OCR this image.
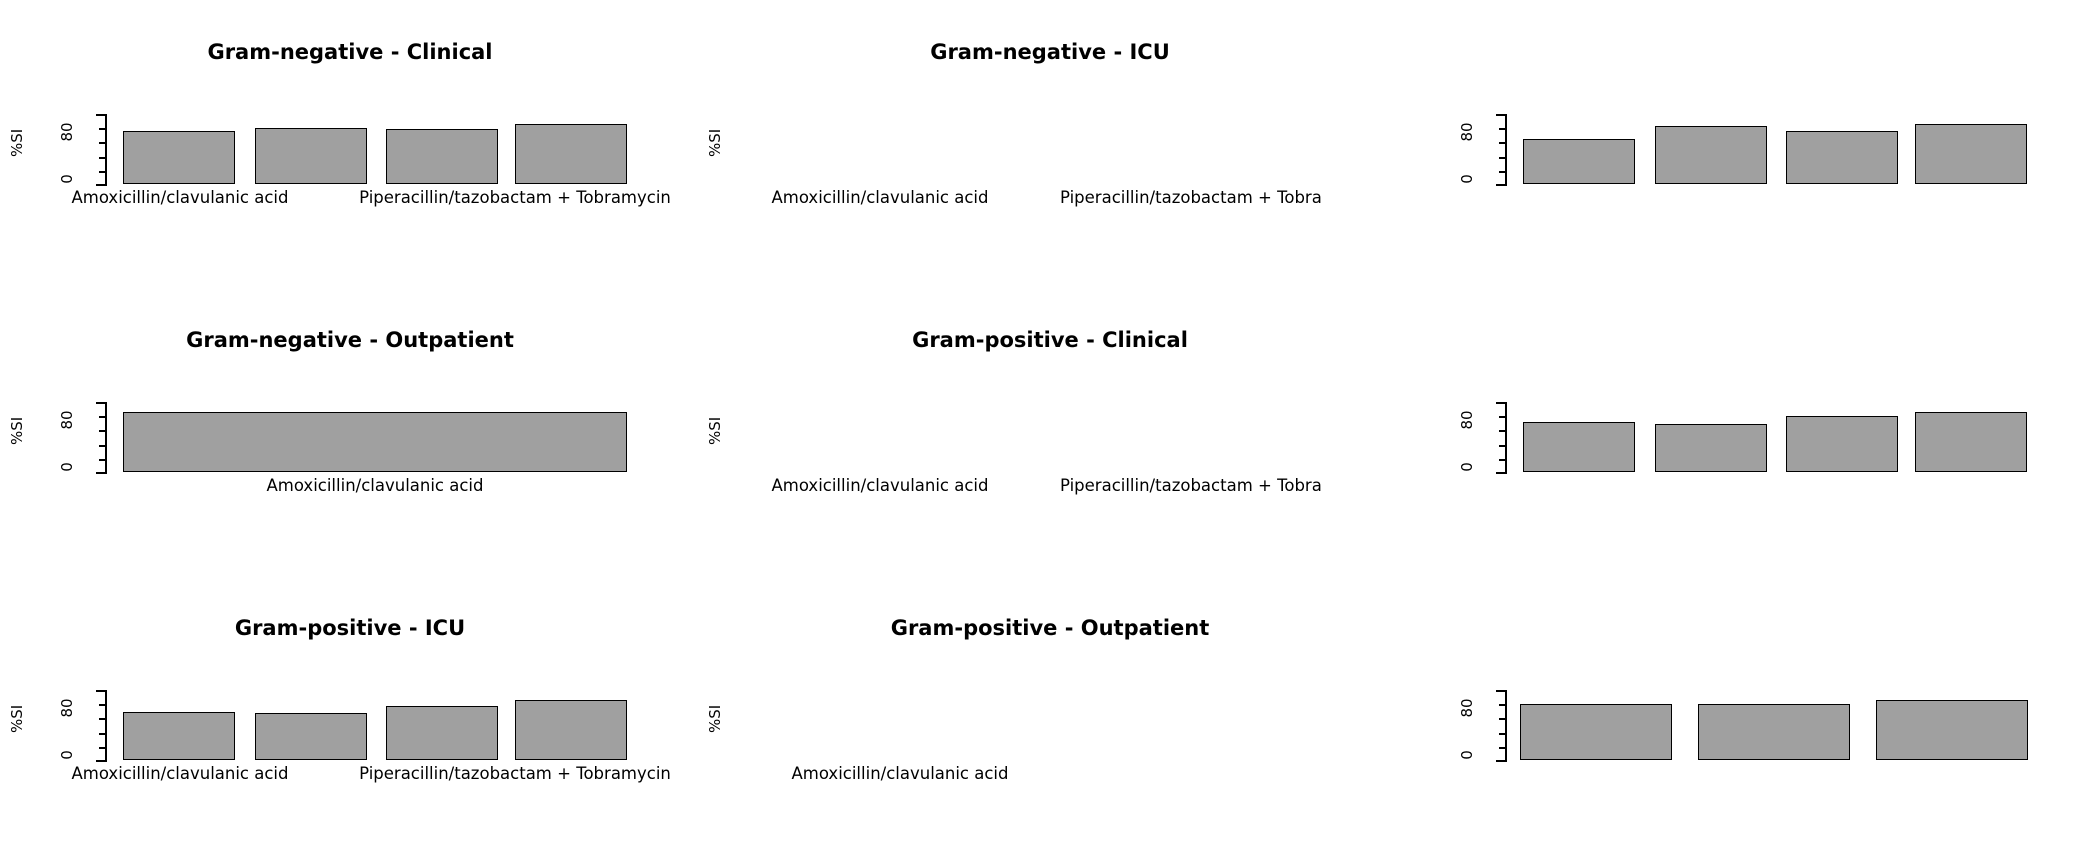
Gram-negative - Clinical
%SI 80
0
Amoxicillin/clavulanic acid	Piperacillin/tazobactam + Tobramycin
Gram-negative - ICU
%SI	80
0
Amoxicillin/clavulanic acid	Piperacillin/tazobactam + Tobra
Gram-negative - Outpatient
%SI 80
0
Amoxicillin/clavulanic acid
Gram-positive - Clinical
%SI	80
0
Amoxicillin/clavulanic acid	Piperacillin/tazobactam + Tobra
Gram-positive - ICU
%SI 80
0
Amoxicillin/clavulanic acid	Piperacillin/tazobactam + Tobramycin
Gram-positive - Outpatient
%SI	80
0
Amoxicillin/clavulanic acid
